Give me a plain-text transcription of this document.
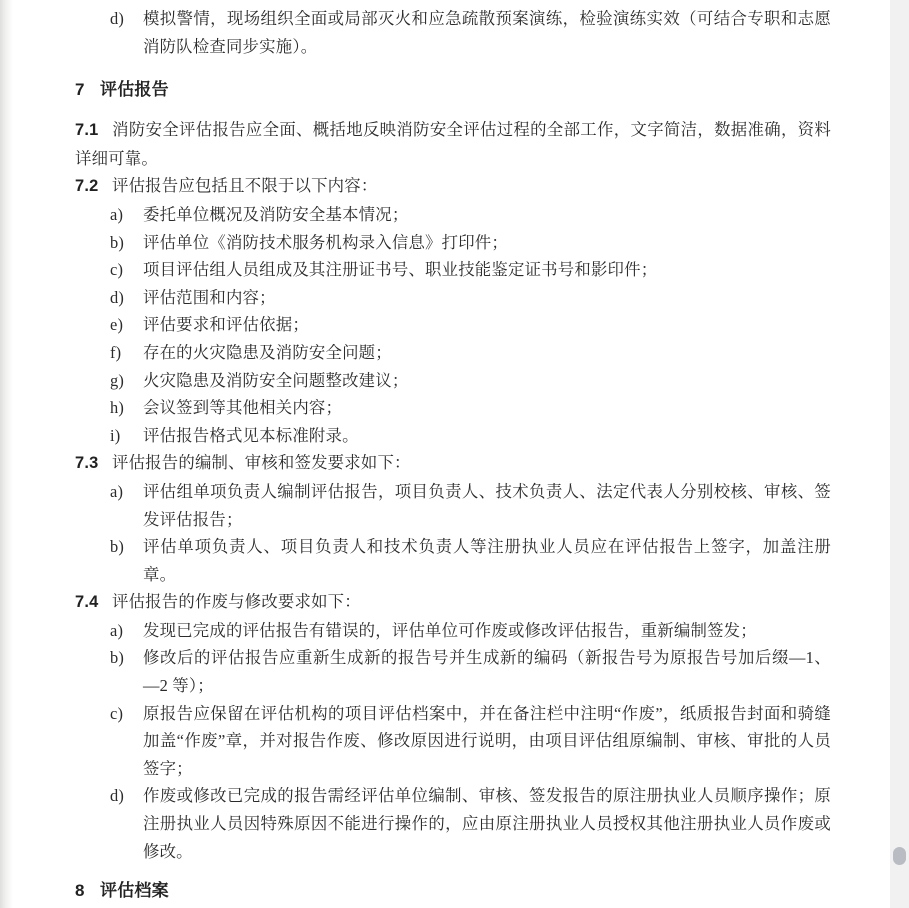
d)	模拟警情，现场组织全面或局部灭火和应急疏散预案演练，检验演练实效（可结合专职和志愿消防队检查同步实施）。
7 评估报告

7.1 消防安全评估报告应全面、概括地反映消防安全评估过程的全部工作，文字简洁，数据准确，资料详细可靠。

7.2 评估报告应包括且不限于以下内容：

a)	委托单位概况及消防安全基本情况；
b)	评估单位《消防技术服务机构录入信息》打印件；
c)	项目评估组人员组成及其注册证书号、职业技能鉴定证书号和影印件；
d)	评估范围和内容；
e)	评估要求和评估依据；
f)	存在的火灾隐患及消防安全问题；
g)	火灾隐患及消防安全问题整改建议；
h)	会议签到等其他相关内容；
i)	评估报告格式见本标准附录。

7.3 评估报告的编制、审核和签发要求如下：

a)	评估组单项负责人编制评估报告，项目负责人、技术负责人、法定代表人分别校核、审核、签发评估报告；
b)	评估单项负责人、项目负责人和技术负责人等注册执业人员应在评估报告上签字，加盖注册章。

7.4 评估报告的作废与修改要求如下：

a)	发现已完成的评估报告有错误的，评估单位可作废或修改评估报告，重新编制签发；
b)	修改后的评估报告应重新生成新的报告号并生成新的编码（新报告号为原报告号加后缀—1、—2 等）；
c)	原报告应保留在评估机构的项目评估档案中，并在备注栏中注明“作废”，纸质报告封面和骑缝加盖“作废”章，并对报告作废、修改原因进行说明，由项目评估组原编制、审核、审批的人员签字；
d)	作废或修改已完成的报告需经评估单位编制、审核、签发报告的原注册执业人员顺序操作；原注册执业人员因特殊原因不能进行操作的，应由原注册执业人员授权其他注册执业人员作废或修改。
8 评估档案
